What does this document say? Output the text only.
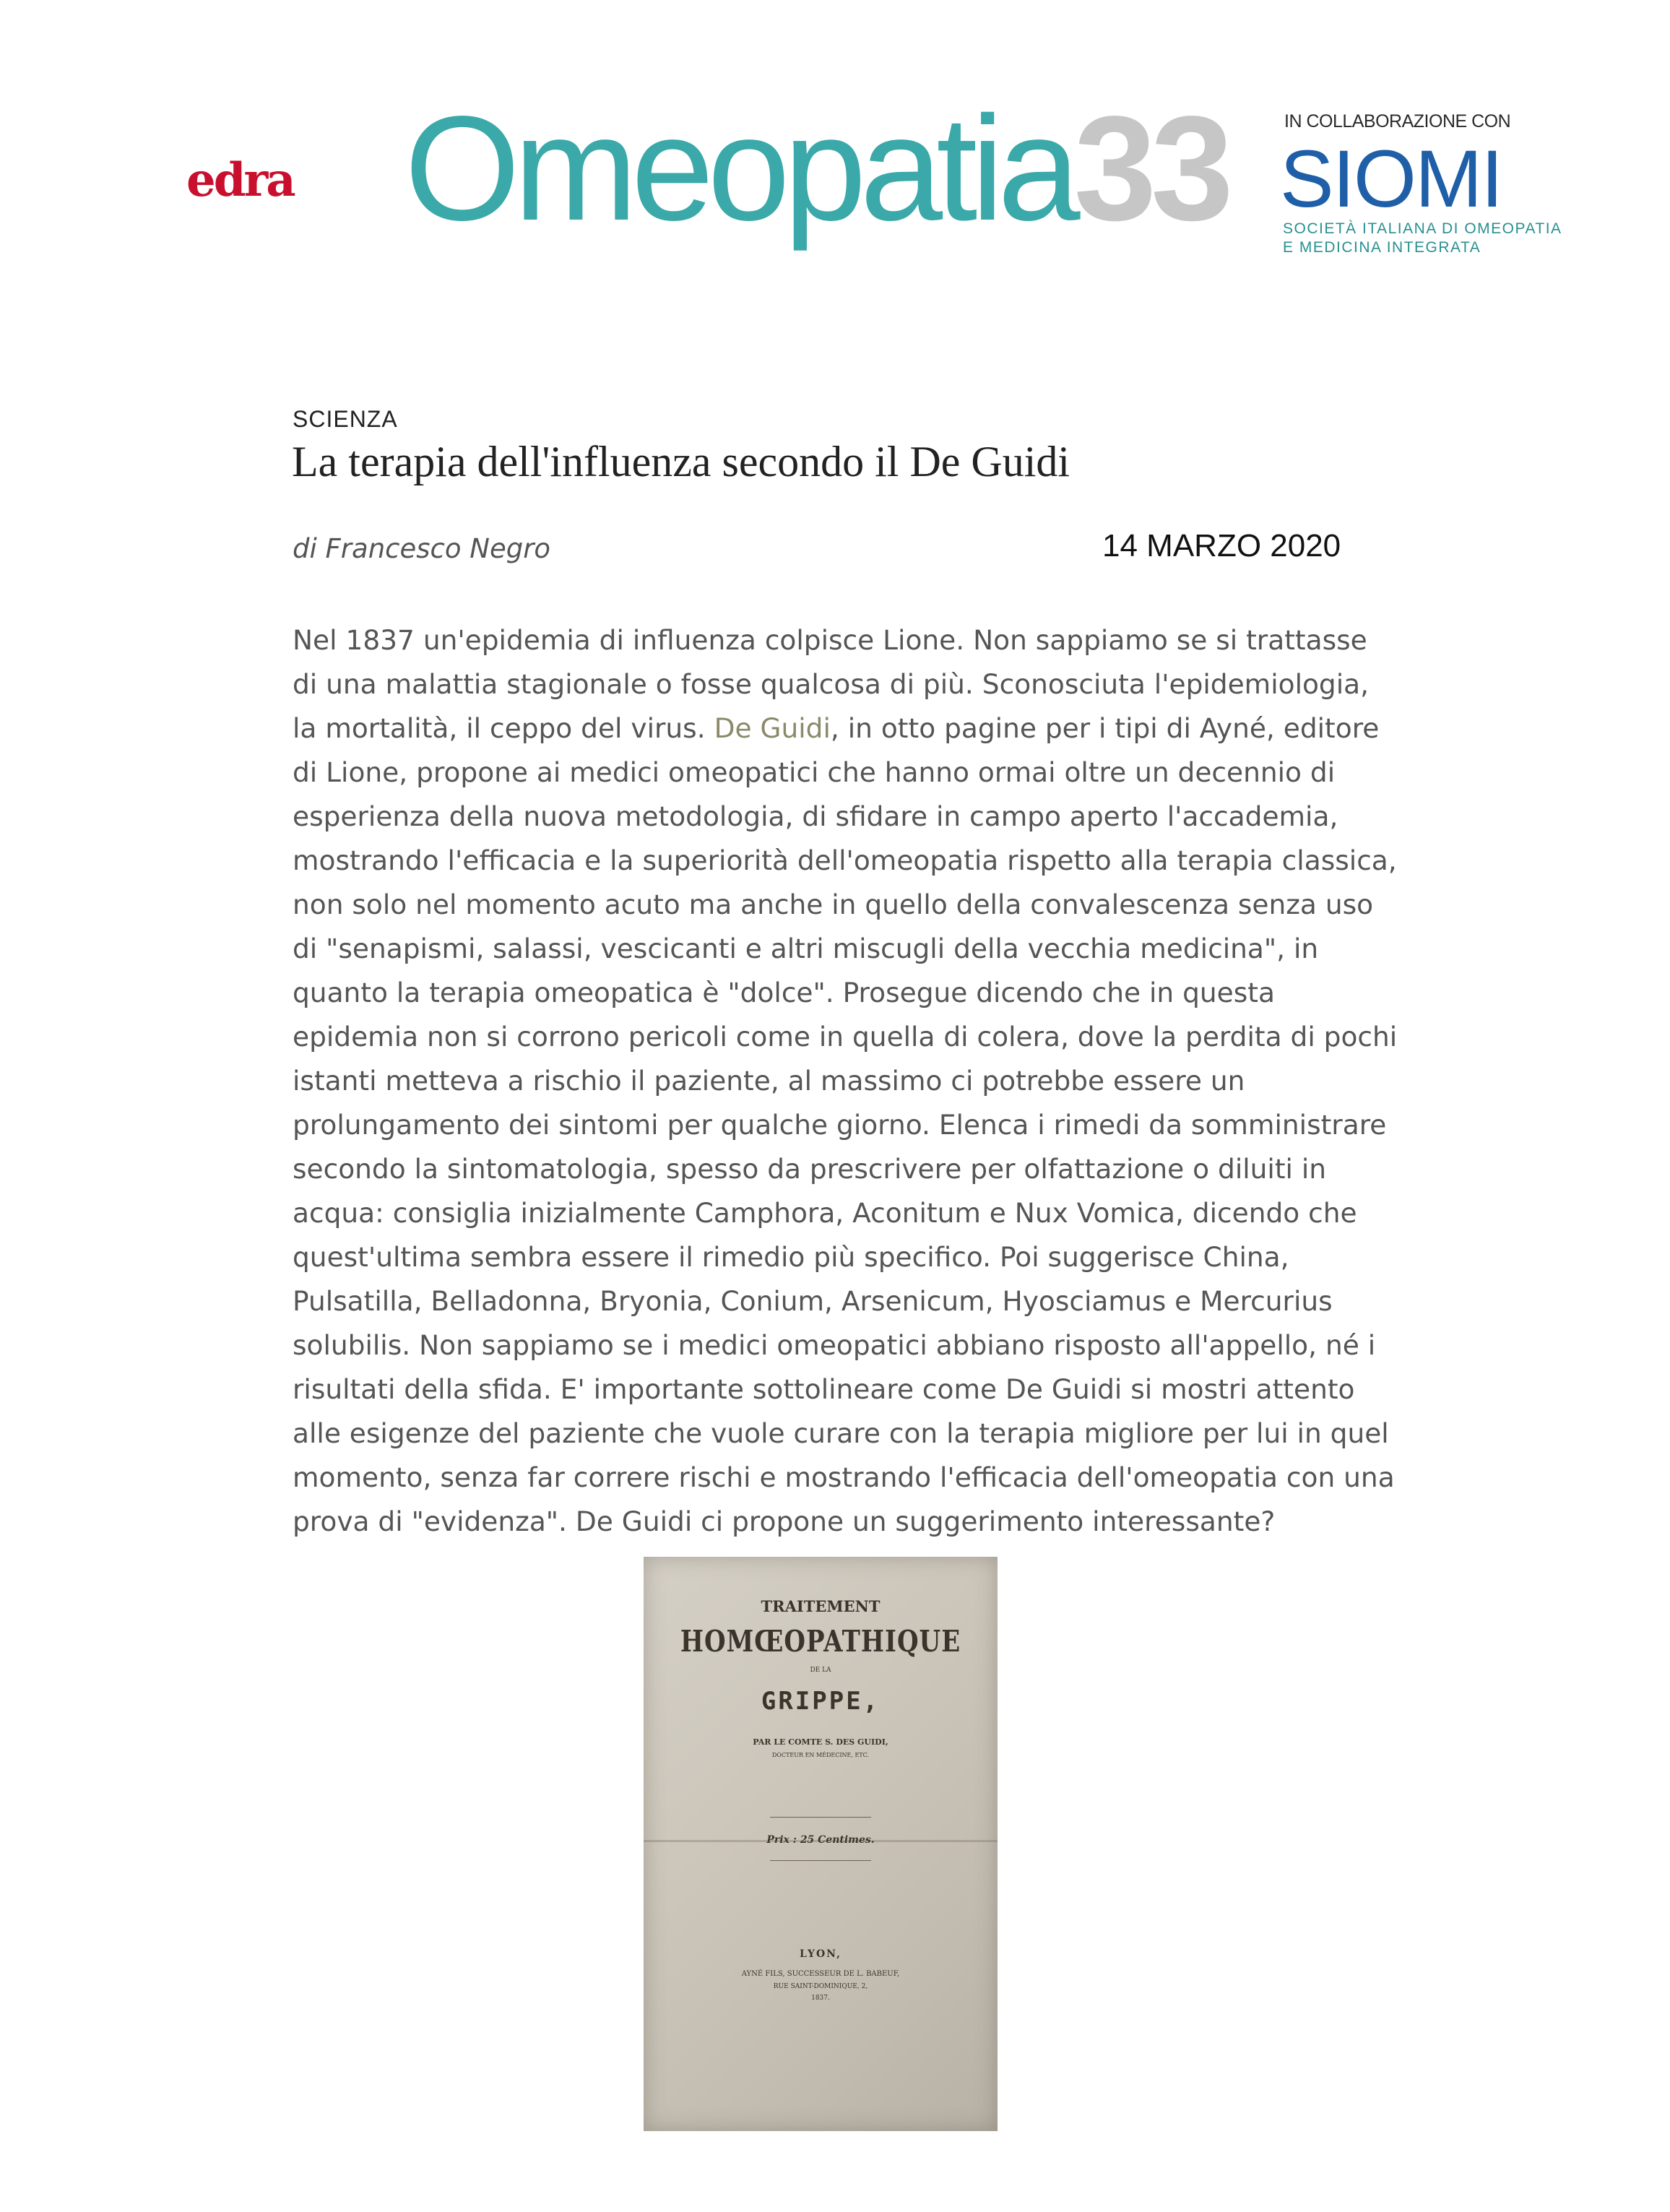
edra Omeopatia33	IN COLLABORAZIONE CON
SIOMI
SOCIETÀ ITALIANA DI OMEOPATIA
E MEDICINA INTEGRATA
SCIENZA
La terapia dell'influenza secondo il De Guidi
di Francesco Negro	14 MARZO 2020
Nel 1837 un'epidemia di influenza colpisce Lione. Non sappiamo se si trattasse
di una malattia stagionale o fosse qualcosa di più. Sconosciuta l'epidemiologia,
la mortalità, il ceppo del virus. De Guidi, in otto pagine per i tipi di Ayné, editore
di Lione, propone ai medici omeopatici che hanno ormai oltre un decennio di
esperienza della nuova metodologia, di sfidare in campo aperto l'accademia,
mostrando l'efficacia e la superiorità dell'omeopatia rispetto alla terapia classica,
non solo nel momento acuto ma anche in quello della convalescenza senza uso
di "senapismi, salassi, vescicanti e altri miscugli della vecchia medicina", in
quanto la terapia omeopatica è "dolce". Prosegue dicendo che in questa
epidemia non si corrono pericoli come in quella di colera, dove la perdita di pochi
istanti metteva a rischio il paziente, al massimo ci potrebbe essere un
prolungamento dei sintomi per qualche giorno. Elenca i rimedi da somministrare
secondo la sintomatologia, spesso da prescrivere per olfattazione o diluiti in
acqua: consiglia inizialmente Camphora, Aconitum e Nux Vomica, dicendo che
quest'ultima sembra essere il rimedio più specifico. Poi suggerisce China,
Pulsatilla, Belladonna, Bryonia, Conium, Arsenicum, Hyosciamus e Mercurius
solubilis. Non sappiamo se i medici omeopatici abbiano risposto all'appello, né i
risultati della sfida. E' importante sottolineare come De Guidi si mostri attento
alle esigenze del paziente che vuole curare con la terapia migliore per lui in quel
momento, senza far correre rischi e mostrando l'efficacia dell'omeopatia con una
prova di "evidenza". De Guidi ci propone un suggerimento interessante?
TRAITEMENT
HOMŒOPATHIQUE
DE LA
GRIPPE,
PAR LE COMTE S. DES GUIDI,
DOCTEUR EN MÉDECINE, ETC.
Prix : 25 Centimes.
LYON,
AYNÉ FILS, SUCCESSEUR DE L. BABEUF,
RUE SAINT-DOMINIQUE, 2,
1837.
